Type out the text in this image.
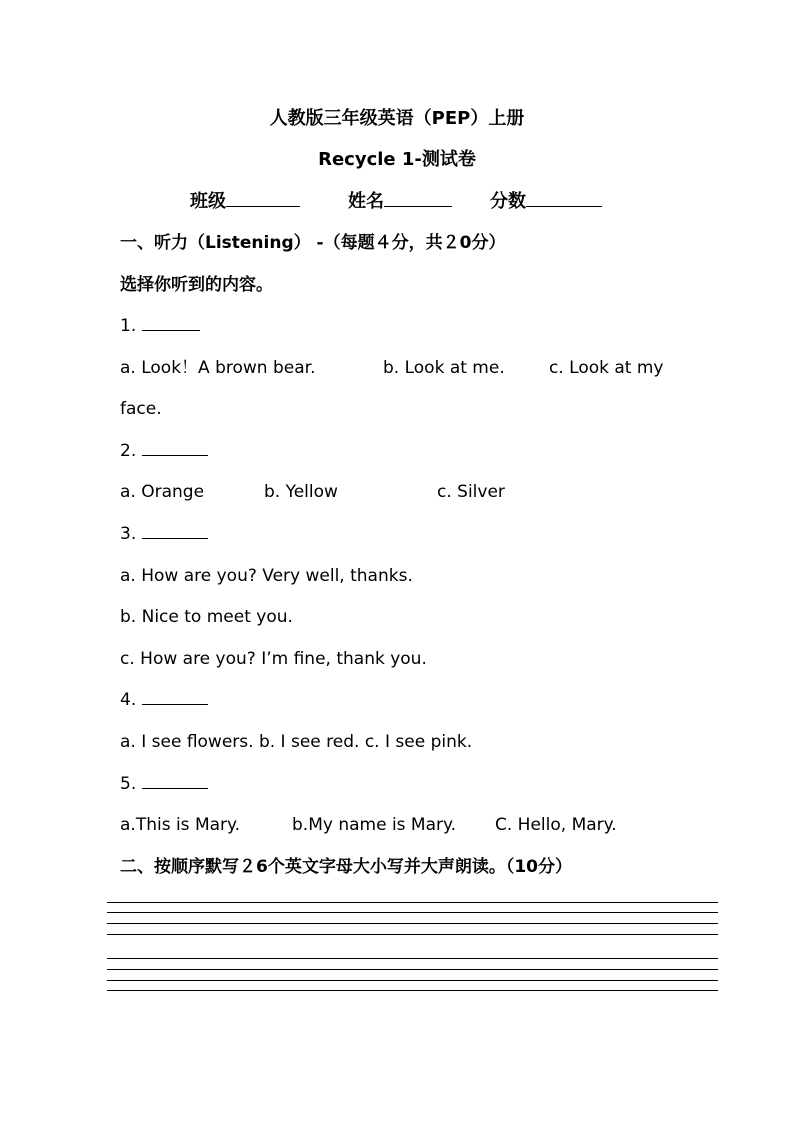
人教版三年级英语（PEP）上册
Recycle 1-测试卷
班级	姓名	分数
一、听力（Listening） -（每题４分，共２0分）
选择你听到的内容。
1.
a. Look！A brown bear.	b. Look at me.	c. Look at my
face.
2.
a. Orange	b. Yellow	c. Silver
3.
a. How are you? Very well, thanks.
b. Nice to meet you.
c. How are you? I’m fine, thank you.
4.
a. I see flowers. b. I see red. c. I see pink.
5.
a.This is Mary.	b.My name is Mary. C. Hello, Mary.
二、按顺序默写２6个英文字母大小写并大声朗读。（10分）
